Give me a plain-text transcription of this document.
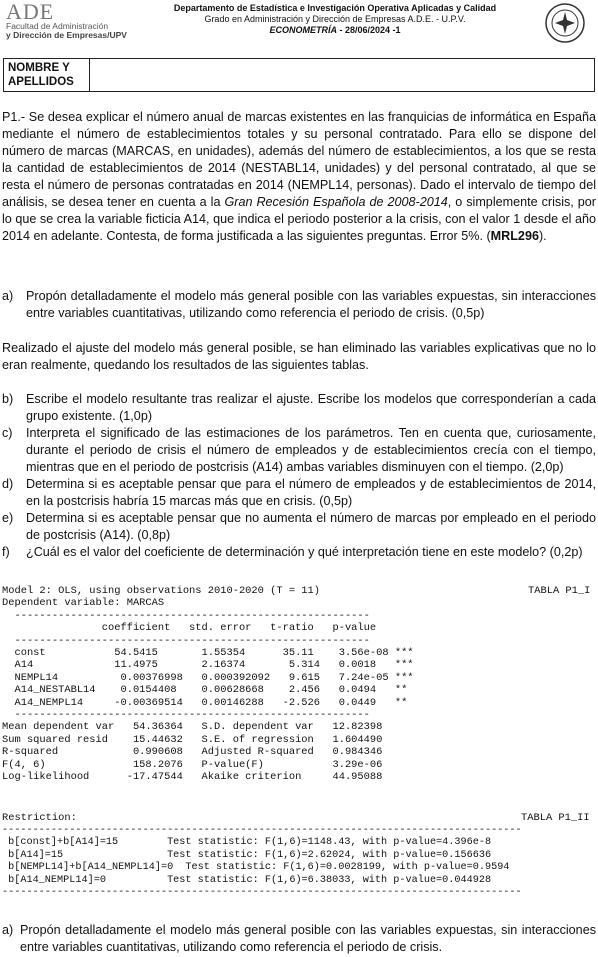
ADE
Facultad de Administración
y Dirección de Empresas/UPV
Departamento de Estadística e Investigación Operativa Aplicadas y Calidad
Grado en Administración y Dirección de Empresas A.D.E. - U.P.V.
ECONOMETRÍA - 28/06/2024 -1
NOMBRE Y
APELLIDOS
P1.- Se desea explicar el número anual de marcas existentes en las franquicias de informática en España mediante el número de establecimientos totales y su personal contratado. Para ello se dispone del número de marcas (MARCAS, en unidades), además del número de establecimientos, a los que se resta la cantidad de establecimientos de 2014 (NESTABL14, unidades) y del personal contratado, al que se resta el número de personas contratadas en 2014 (NEMPL14, personas). Dado el intervalo de tiempo del análisis, se desea tener en cuenta a la Gran Recesión Española de 2008-2014, o simplemente crisis, por lo que se crea la variable ficticia A14, que indica el periodo posterior a la crisis, con el valor 1 desde el año 2014 en adelante. Contesta, de forma justificada a las siguientes preguntas. Error 5%. (MRL296).
a) Propón detalladamente el modelo más general posible con las variables expuestas, sin interacciones entre variables cuantitativas, utilizando como referencia el periodo de crisis. (0,5p)
Realizado el ajuste del modelo más general posible, se han eliminado las variables explicativas que no lo eran realmente, quedando los resultados de las siguientes tablas.
b) Escribe el modelo resultante tras realizar el ajuste. Escribe los modelos que corresponderían a cada grupo existente. (1,0p)
c) Interpreta el significado de las estimaciones de los parámetros. Ten en cuenta que, curiosamente, durante el periodo de crisis el número de empleados y de establecimientos crecía con el tiempo, mientras que en el periodo de postcrisis (A14) ambas variables disminuyen con el tiempo. (2,0p)
d) Determina si es aceptable pensar que para el número de empleados y de establecimientos de 2014, en la postcrisis habría 15 marcas más que en crisis. (0,5p)
e) Determina si es aceptable pensar que no aumenta el número de marcas por empleado en el periodo de postcrisis (A14). (0,8p)
f) ¿Cuál es el valor del coeficiente de determinación y qué interpretación tiene en este modelo? (0,2p)
Model 2: OLS, using observations 2010-2020 (T = 11)
Dependent variable: MARCAS
---------------------------------------------------------
coefficient   std. error   t-ratio   p-value
---------------------------------------------------------
const           54.5415       1.55354      35.11    3.56e-08 ***
A14             11.4975       2.16374       5.314   0.0018   ***
NEMPL14          0.00376998   0.000392092   9.615   7.24e-05 ***
A14_NESTABL14    0.0154408    0.00628668    2.456   0.0494   **
A14_NEMPL14     -0.00369514   0.00146288   -2.526   0.0449   **
---------------------------------------------------------
Mean dependent var   54.36364   S.D. dependent var   12.82398
Sum squared resid    15.44632   S.E. of regression   1.604490
R-squared            0.990608   Adjusted R-squared   0.984346
F(4, 6)              158.2076   P-value(F)           3.29e-06
Log-likelihood      -17.47544   Akaike criterion     44.95088
TABLA P1_I
Restriction:	TABLA P1_II
-------------------------------------------------------------------------------------
b[const]+b[A14]=15        Test statistic: F(1,6)=1148.43, with p-value=4.396e-8
b[A14]=15                 Test statistic: F(1,6)=2.62024, with p-value=0.156636
b[NEMPL14]+b[A14_NEMPL14]=0  Test statistic: F(1,6)=0.0028199, with p-value=0.9594
b[A14_NEMPL14]=0          Test statistic: F(1,6)=6.38033, with p-value=0.044928
-------------------------------------------------------------------------------------
a) Propón detalladamente el modelo más general posible con las variables expuestas, sin interacciones entre variables cuantitativas, utilizando como referencia el periodo de crisis.
